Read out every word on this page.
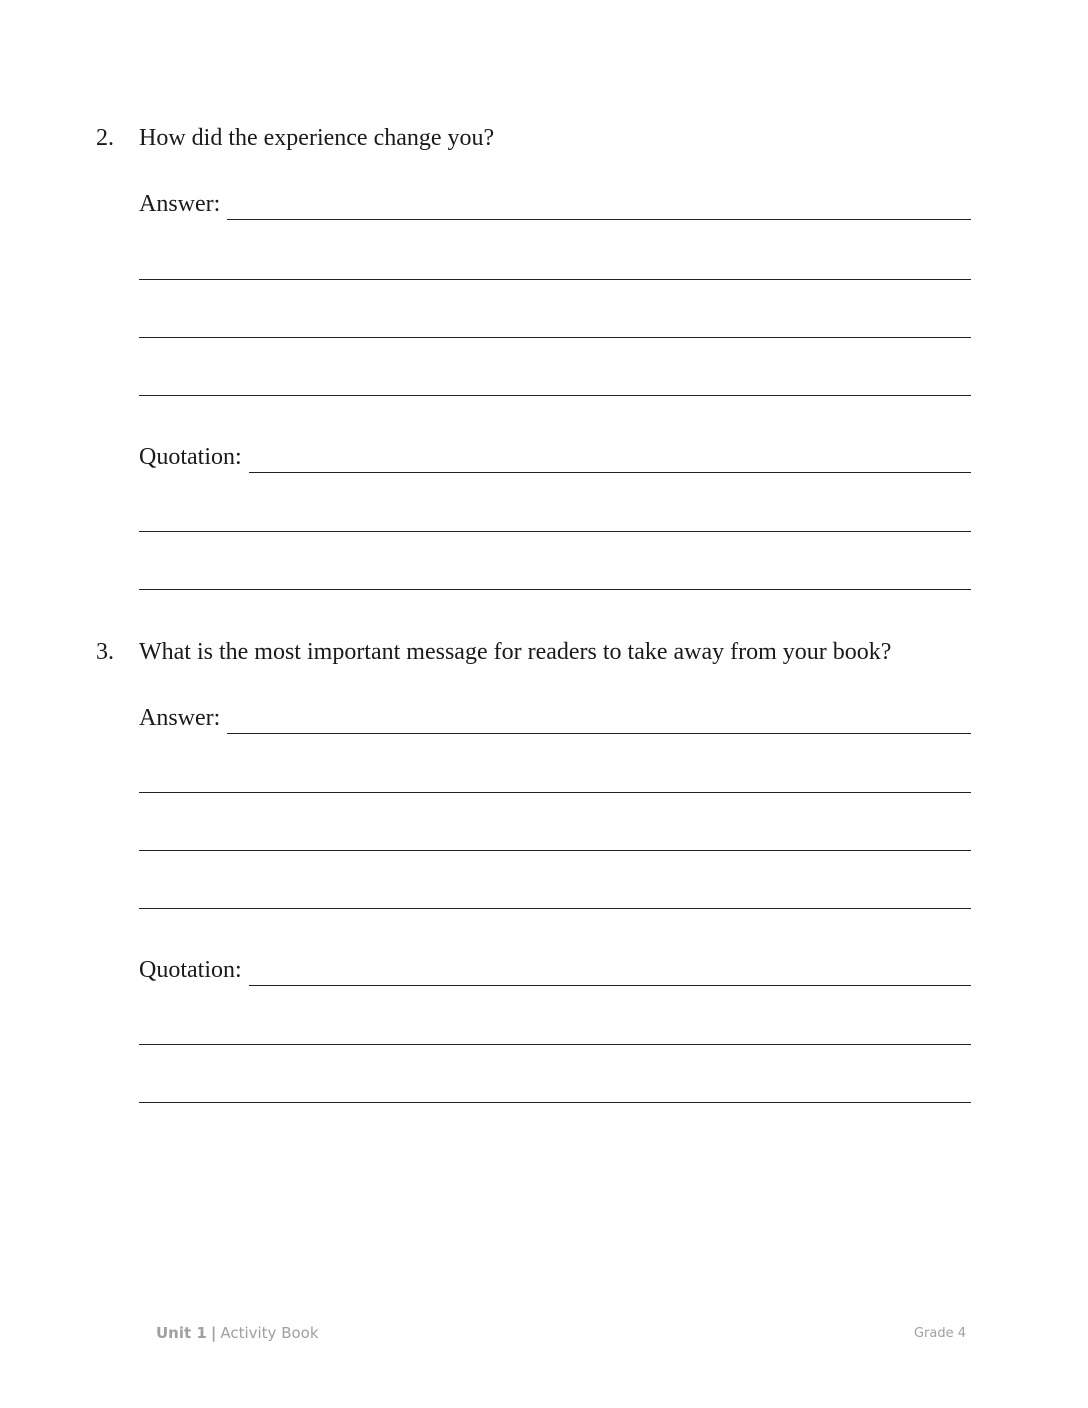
2. How did the experience change you?
Answer:
Quotation:
3. What is the most important message for readers to take away from your book?
Answer:
Quotation:
Unit 1 | Activity Book	Grade 4
